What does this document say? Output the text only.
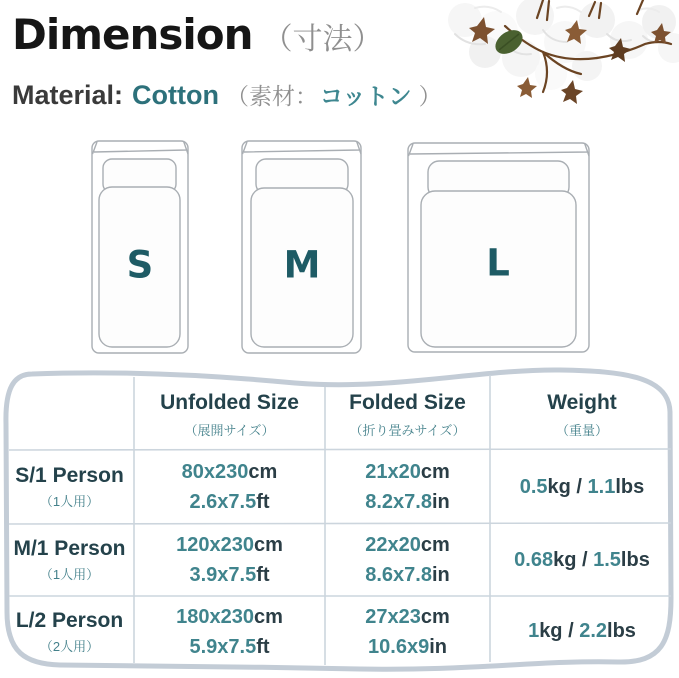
Dimension （寸法）
Material: Cotton （素材： コットン ）
S	M	L
Unfolded Size
（展開サイズ）
Folded Size
（折り畳みサイズ）
Weight
（重量）
S/1 Person
（1人用）
80x230cm
2.6x7.5ft
21x20cm
8.2x7.8in
0.5kg / 1.1lbs
M/1 Person
（1人用）
120x230cm
3.9x7.5ft
22x20cm
8.6x7.8in
0.68kg / 1.5lbs
L/2 Person
（2人用）
180x230cm
5.9x7.5ft
27x23cm
10.6x9in
1kg / 2.2lbs
